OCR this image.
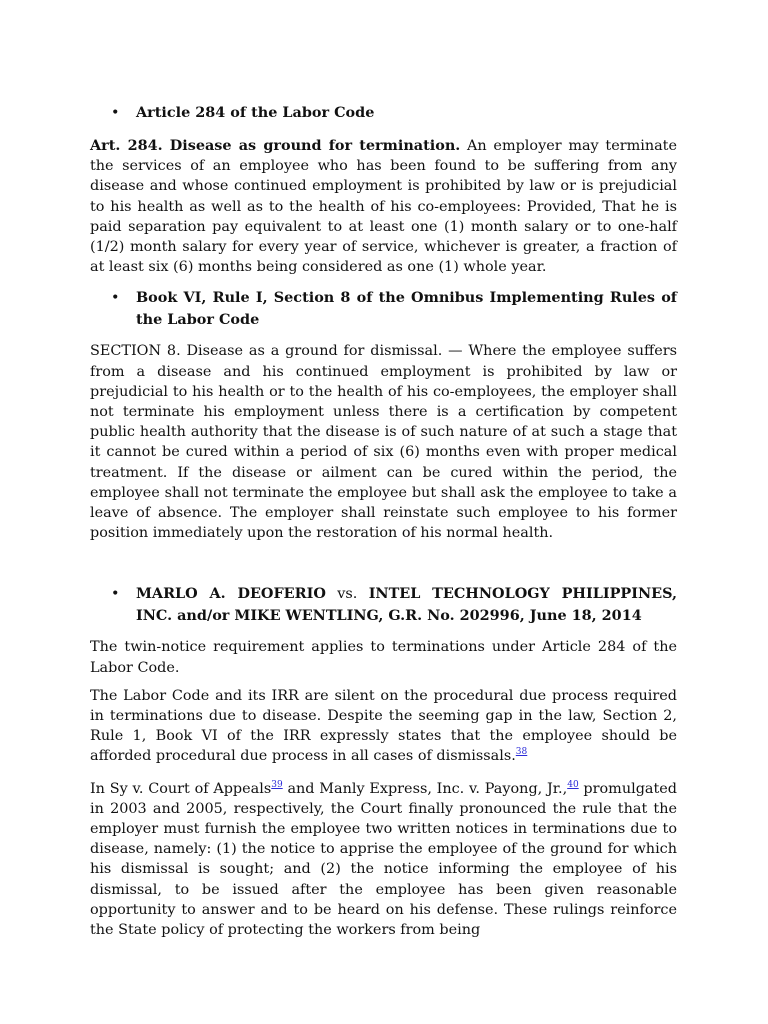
• Article 284 of the Labor Code

Art. 284. Disease as ground for termination. An employer may terminate the services of an employee who has been found to be suffering from any disease and whose continued employment is prohibited by law or is prejudicial to his health as well as to the health of his co-employees: Provided, That he is paid separation pay equivalent to at least one (1) month salary or to one-half (1/2) month salary for every year of service, whichever is greater, a fraction of at least six (6) months being considered as one (1) whole year.

• Book VI, Rule I, Section 8 of the Omnibus Implementing Rules of the Labor Code

SECTION 8. Disease as a ground for dismissal. — Where the employee suffers from a disease and his continued employment is prohibited by law or prejudicial to his health or to the health of his co-employees, the employer shall not terminate his employment unless there is a certification by competent public health authority that the disease is of such nature of at such a stage that it cannot be cured within a period of six (6) months even with proper medical treatment. If the disease or ailment can be cured within the period, the employee shall not terminate the employee but shall ask the employee to take a leave of absence. The employer shall reinstate such employee to his former position immediately upon the restoration of his normal health.

• MARLO A. DEOFERIO vs. INTEL TECHNOLOGY PHILIPPINES, INC. and/or MIKE WENTLING, G.R. No. 202996, June 18, 2014

The twin-notice requirement applies to terminations under Article 284 of the Labor Code.

The Labor Code and its IRR are silent on the procedural due process required in terminations due to disease. Despite the seeming gap in the law, Section 2, Rule 1, Book VI of the IRR expressly states that the employee should be afforded procedural due process in all cases of dismissals.$^{38}$

In Sy v. Court of Appeals$^{39}$ and Manly Express, Inc. v. Payong, Jr.,$^{40}$ promulgated in 2003 and 2005, respectively, the Court finally pronounced the rule that the employer must furnish the employee two written notices in terminations due to disease, namely: (1) the notice to apprise the employee of the ground for which his dismissal is sought; and (2) the notice informing the employee of his dismissal, to be issued after the employee has been given reasonable opportunity to answer and to be heard on his defense. These rulings reinforce the State policy of protecting the workers from being
